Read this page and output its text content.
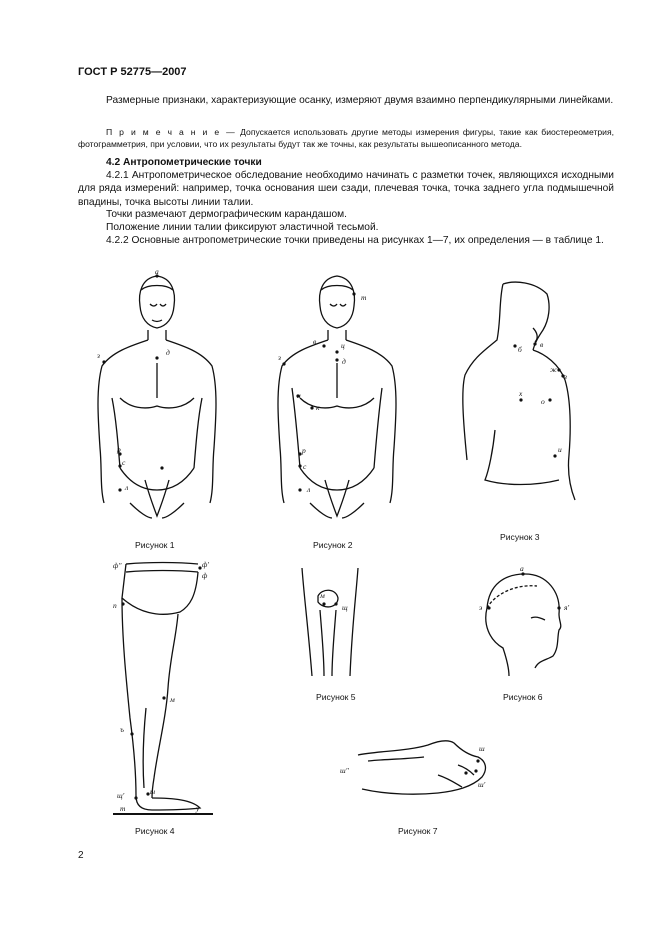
ГОСТ Р 52775—2007
Размерные признаки, характеризующие осанку, измеряют двумя взаимно перпендикулярными линейками.
П р и м е ч а н и е — Допускается использовать другие методы измерения фигуры, такие как биостереометрия, фотограмметрия, при условии, что их результаты будут так же точны, как результаты вышеописанного метода.
4.2 Антропометрические точки
4.2.1 Антропометрическое обследование необходимо начинать с разметки точек, являющихся исходными для ряда измерений: например, точка основания шеи сзади, плечевая точка, точка заднего угла подмышечной впадины, точка высоты линии талии.
Точки размечают дермографическим карандашом.
Положение линии талии фиксируют эластичной тесьмой.
4.2.2 Основные антропометрические точки приведены на рисунках 1—7, их определения — в таблице 1.
а
з	д
р
с
л
Рисунок 1
т
в	ц
д
з
н
к
р
с
л
Рисунок 2
б
в
ж
з
х
о
и
Рисунок 3
ф"	ф'
ф
п
м
ъ
щ'	ы
т	у
Рисунок 4
м
щ
Рисунок 5
а
э	я'
Рисунок 6
ш
ш"
ш'
Рисунок 7
2
